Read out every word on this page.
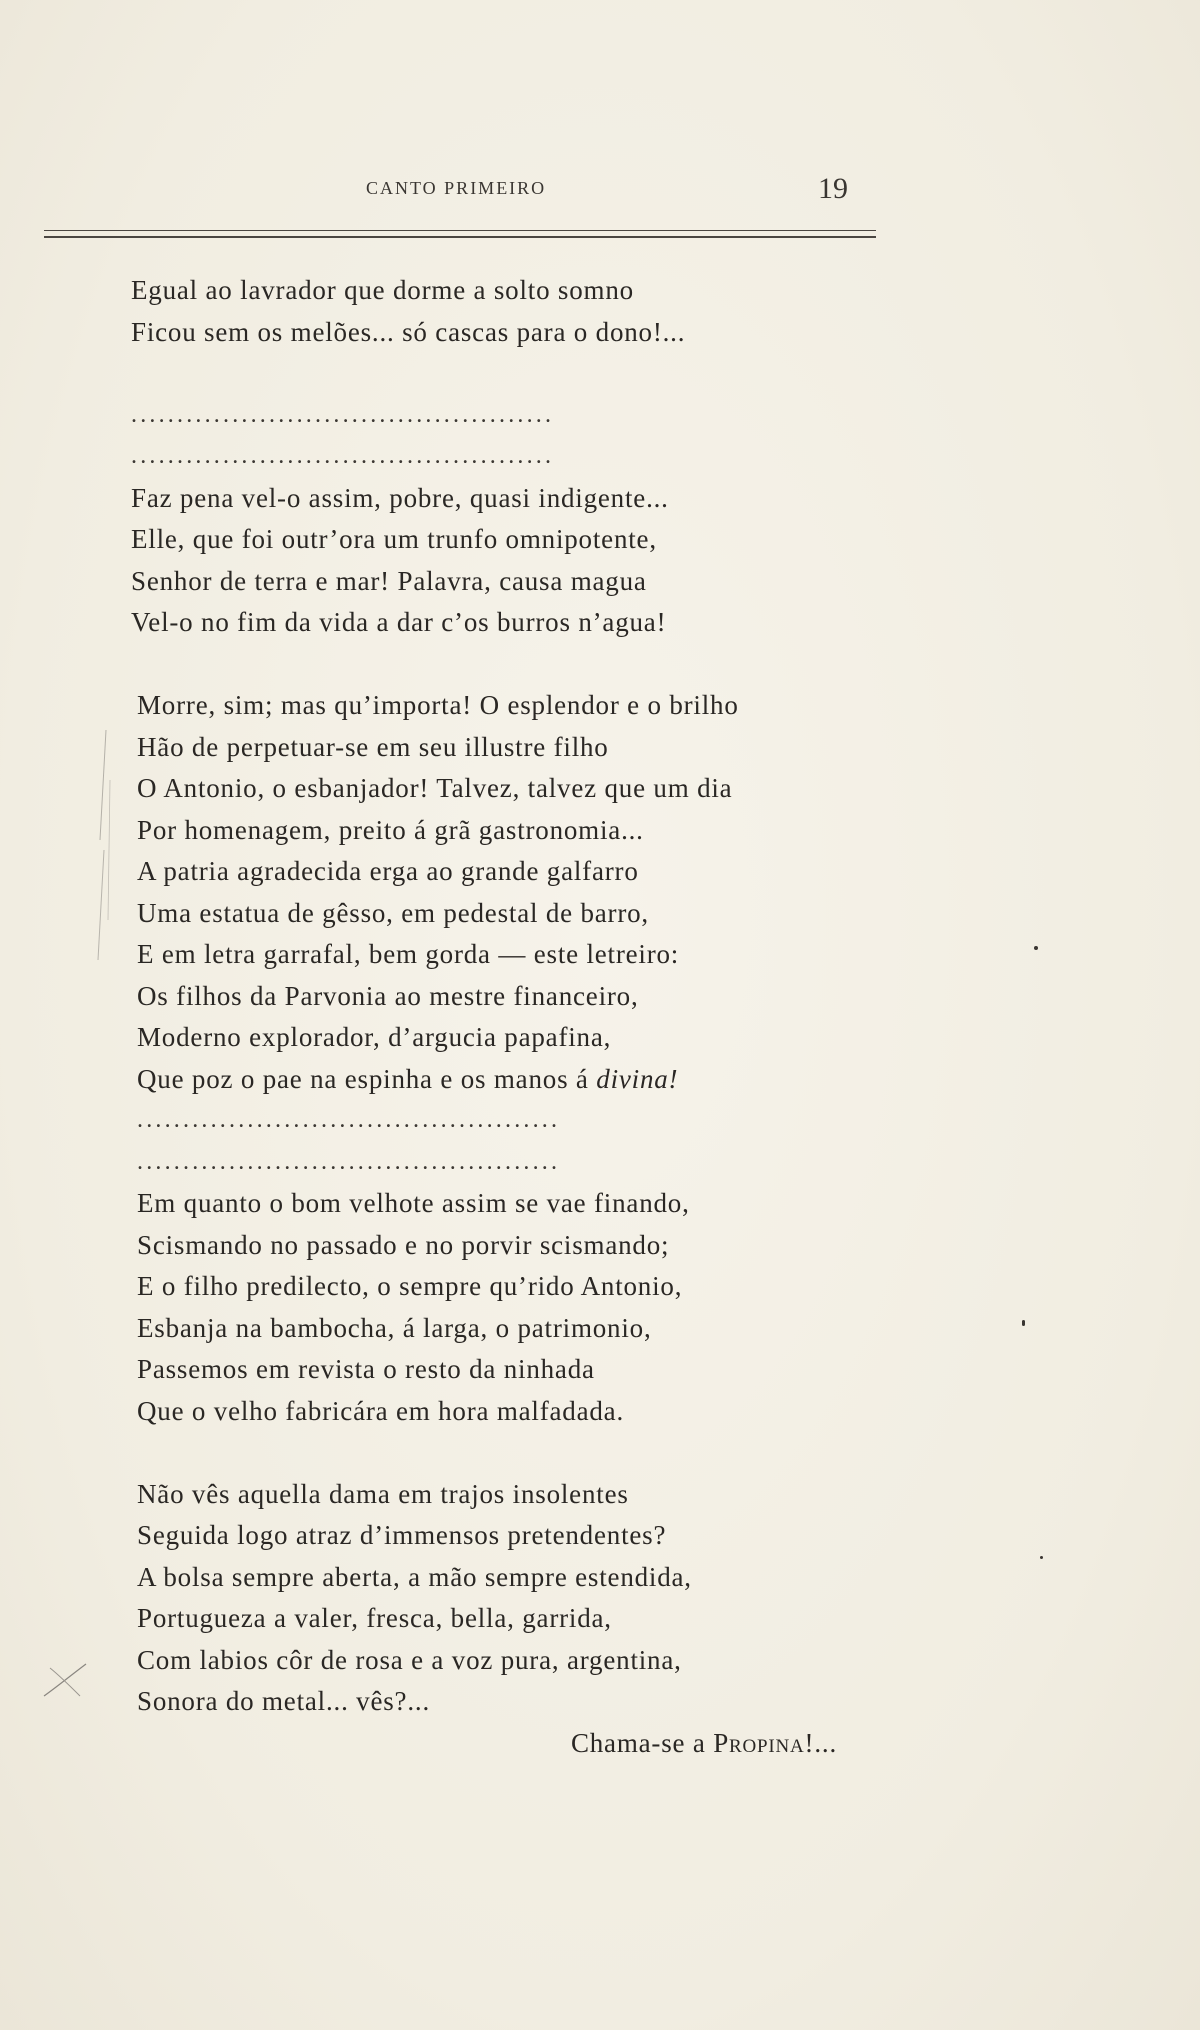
CANTO PRIMEIRO	19
Egual ao lavrador que dorme a solto somno
Ficou sem os melões... só cascas para o dono!...
..............................................
..............................................
Faz pena vel-o assim, pobre, quasi indigente...
Elle, que foi outr’ora um trunfo omnipotente,
Senhor de terra e mar! Palavra, causa magua
Vel-o no fim da vida a dar c’os burros n’agua!
Morre, sim; mas qu’importa! O esplendor e o brilho
Hão de perpetuar-se em seu illustre filho
O Antonio, o esbanjador! Talvez, talvez que um dia
Por homenagem, preito á grã gastronomia...
A patria agradecida erga ao grande galfarro
Uma estatua de gêsso, em pedestal de barro,
E em letra garrafal, bem gorda — este letreiro:
Os filhos da Parvonia ao mestre financeiro,
Moderno explorador, d’argucia papafina,
Que poz o pae na espinha e os manos á divina!
..............................................
..............................................
Em quanto o bom velhote assim se vae finando,
Scismando no passado e no porvir scismando;
E o filho predilecto, o sempre qu’rido Antonio,
Esbanja na bambocha, á larga, o patrimonio,
Passemos em revista o resto da ninhada
Que o velho fabricára em hora malfadada.
Não vês aquella dama em trajos insolentes
Seguida logo atraz d’immensos pretendentes?
A bolsa sempre aberta, a mão sempre estendida,
Portugueza a valer, fresca, bella, garrida,
Com labios côr de rosa e a voz pura, argentina,
Sonora do metal... vês?...
Chama-se a Propina!...
